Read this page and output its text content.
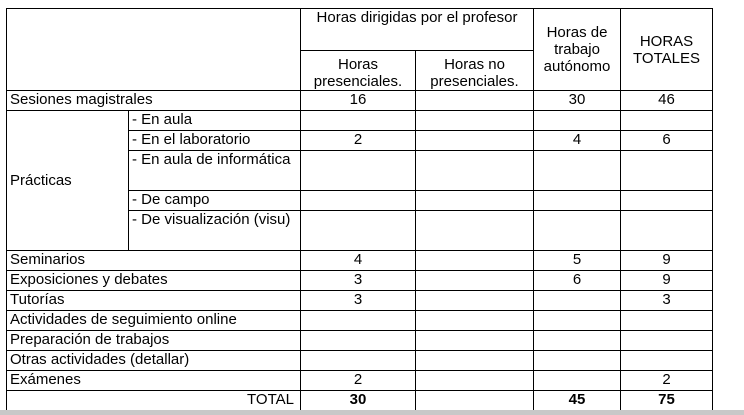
		Horas dirigidas por el profesor		Horas de trabajo autónomo	HORAS TOTALES
		Horas presenciales.	Horas no presenciales.		
Sesiones magistrales		16		30	46
Prácticas	- En aula				
	- En el laboratorio	2		4	6
	- En aula de informática				
	- De campo				
	- De visualización (visu)				
Seminarios		4		5	9
Exposiciones y debates		3		6	9
Tutorías		3			3
Actividades de seguimiento online					
Preparación de trabajos					
Otras actividades (detallar)					
Exámenes		2			2
TOTAL		30		45	75
